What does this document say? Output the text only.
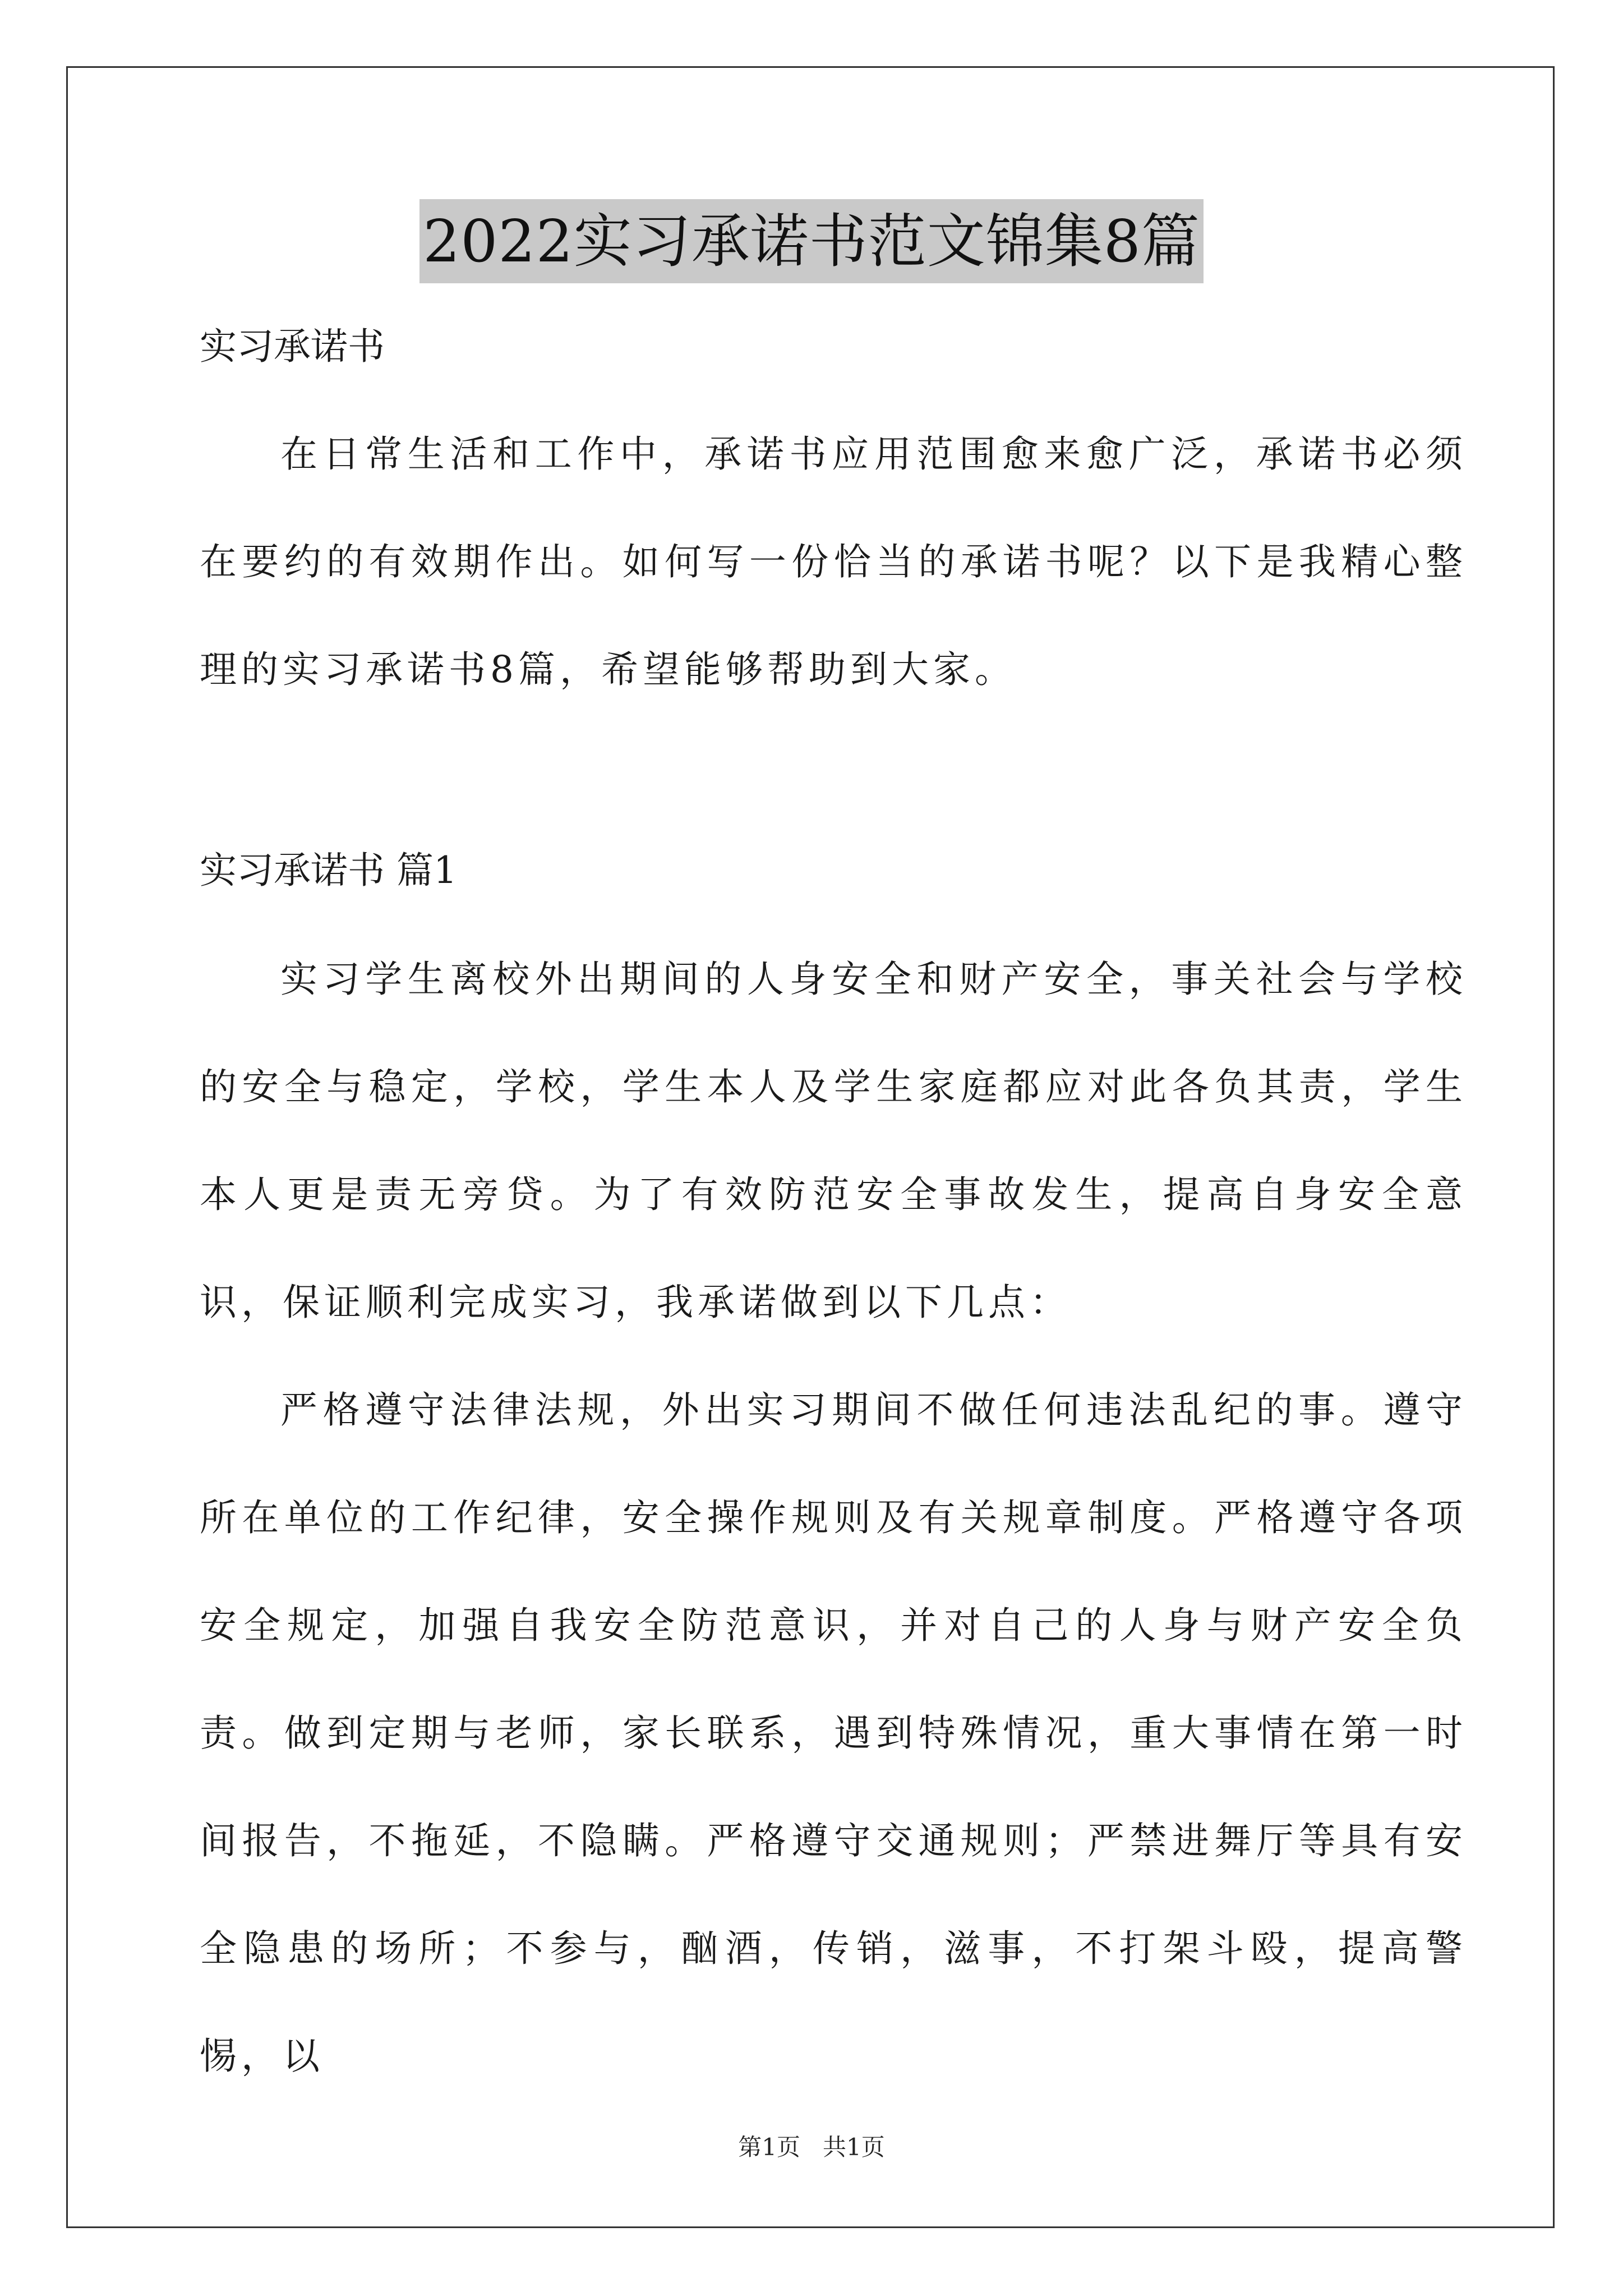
2022实习承诺书范文锦集8篇

实习承诺书

在日常生活和工作中，承诺书应用范围愈来愈广泛，承诺书必须在要约的有效期作出。如何写一份恰当的承诺书呢？以下是我精心整理的实习承诺书8篇，希望能够帮助到大家。

实习承诺书 篇1

实习学生离校外出期间的人身安全和财产安全，事关社会与学校的安全与稳定，学校，学生本人及学生家庭都应对此各负其责，学生本人更是责无旁贷。为了有效防范安全事故发生，提高自身安全意识，保证顺利完成实习，我承诺做到以下几点：

严格遵守法律法规，外出实习期间不做任何违法乱纪的事。遵守所在单位的工作纪律，安全操作规则及有关规章制度。严格遵守各项安全规定，加强自我安全防范意识，并对自己的人身与财产安全负责。做到定期与老师，家长联系，遇到特殊情况，重大事情在第一时间报告，不拖延，不隐瞒。严格遵守交通规则；严禁进舞厅等具有安全隐患的场所；不参与，酗酒，传销，滋事，不打架斗殴，提高警惕，以

第1页   共1页
